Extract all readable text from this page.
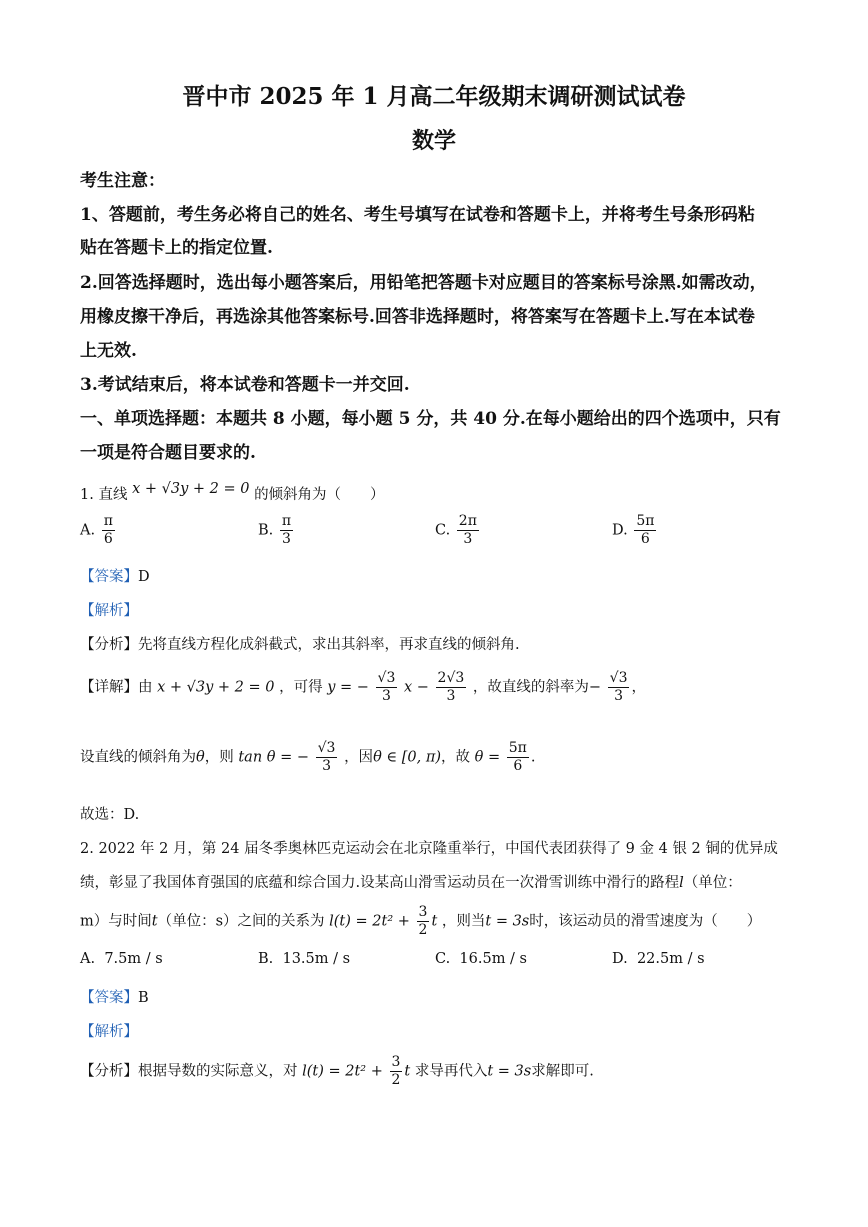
晋中市 2025 年 1 月高二年级期末调研测试试卷
数学
考生注意：
1、答题前，考生务必将自己的姓名、考生号填写在试卷和答题卡上，并将考生号条形码粘
贴在答题卡上的指定位置.
2.回答选择题时，选出每小题答案后，用铅笔把答题卡对应题目的答案标号涂黑.如需改动，
用橡皮擦干净后，再选涂其他答案标号.回答非选择题时，将答案写在答题卡上.写在本试卷
上无效.
3.考试结束后，将本试卷和答题卡一并交回.
一、单项选择题：本题共 8 小题，每小题 5 分，共 40 分.在每小题给出的四个选项中，只有
一项是符合题目要求的.
1. 直线 x + √3y + 2 = 0 的倾斜角为（　　）
A. $\frac{\pi}{6}$	B. $\frac{\pi}{3}$	C. $\frac{2\pi}{3}$	D. $\frac{5\pi}{6}$
【答案】D
【解析】
【分析】先将直线方程化成斜截式，求出其斜率，再求直线的倾斜角.
【详解】由 x + √3y + 2 = 0 ，可得 y = − $\frac{√3}{3}$ $x - \frac{2√3}{3}$ ，故直线的斜率为− $\frac{√3}{3}$ ，
设直线的倾斜角为θ，则 tan θ = − $\frac{√3}{3}$ ，因θ ∈ [0, π)，故 $\theta = \frac{5\pi}{6}$ .
故选：D.
2. 2022 年 2 月，第 24 届冬季奥林匹克运动会在北京隆重举行，中国代表团获得了 9 金 4 银 2 铜的优异成
绩，彰显了我国体育强国的底蕴和综合国力.设某高山滑雪运动员在一次滑雪训练中滑行的路程l（单位：
m）与时间t（单位：s）之间的关系为 $l(t) = 2t^2 + \frac{3}{2}$ t ，则当t = 3s时，该运动员的滑雪速度为（　　）
A. 7.5m / s	B. 13.5m / s	C. 16.5m / s	D. 22.5m / s
【答案】B
【解析】
【分析】根据导数的实际意义，对 $l(t) = 2t^2 + \frac{3}{2}$ t 求导再代入t = 3s求解即可.
